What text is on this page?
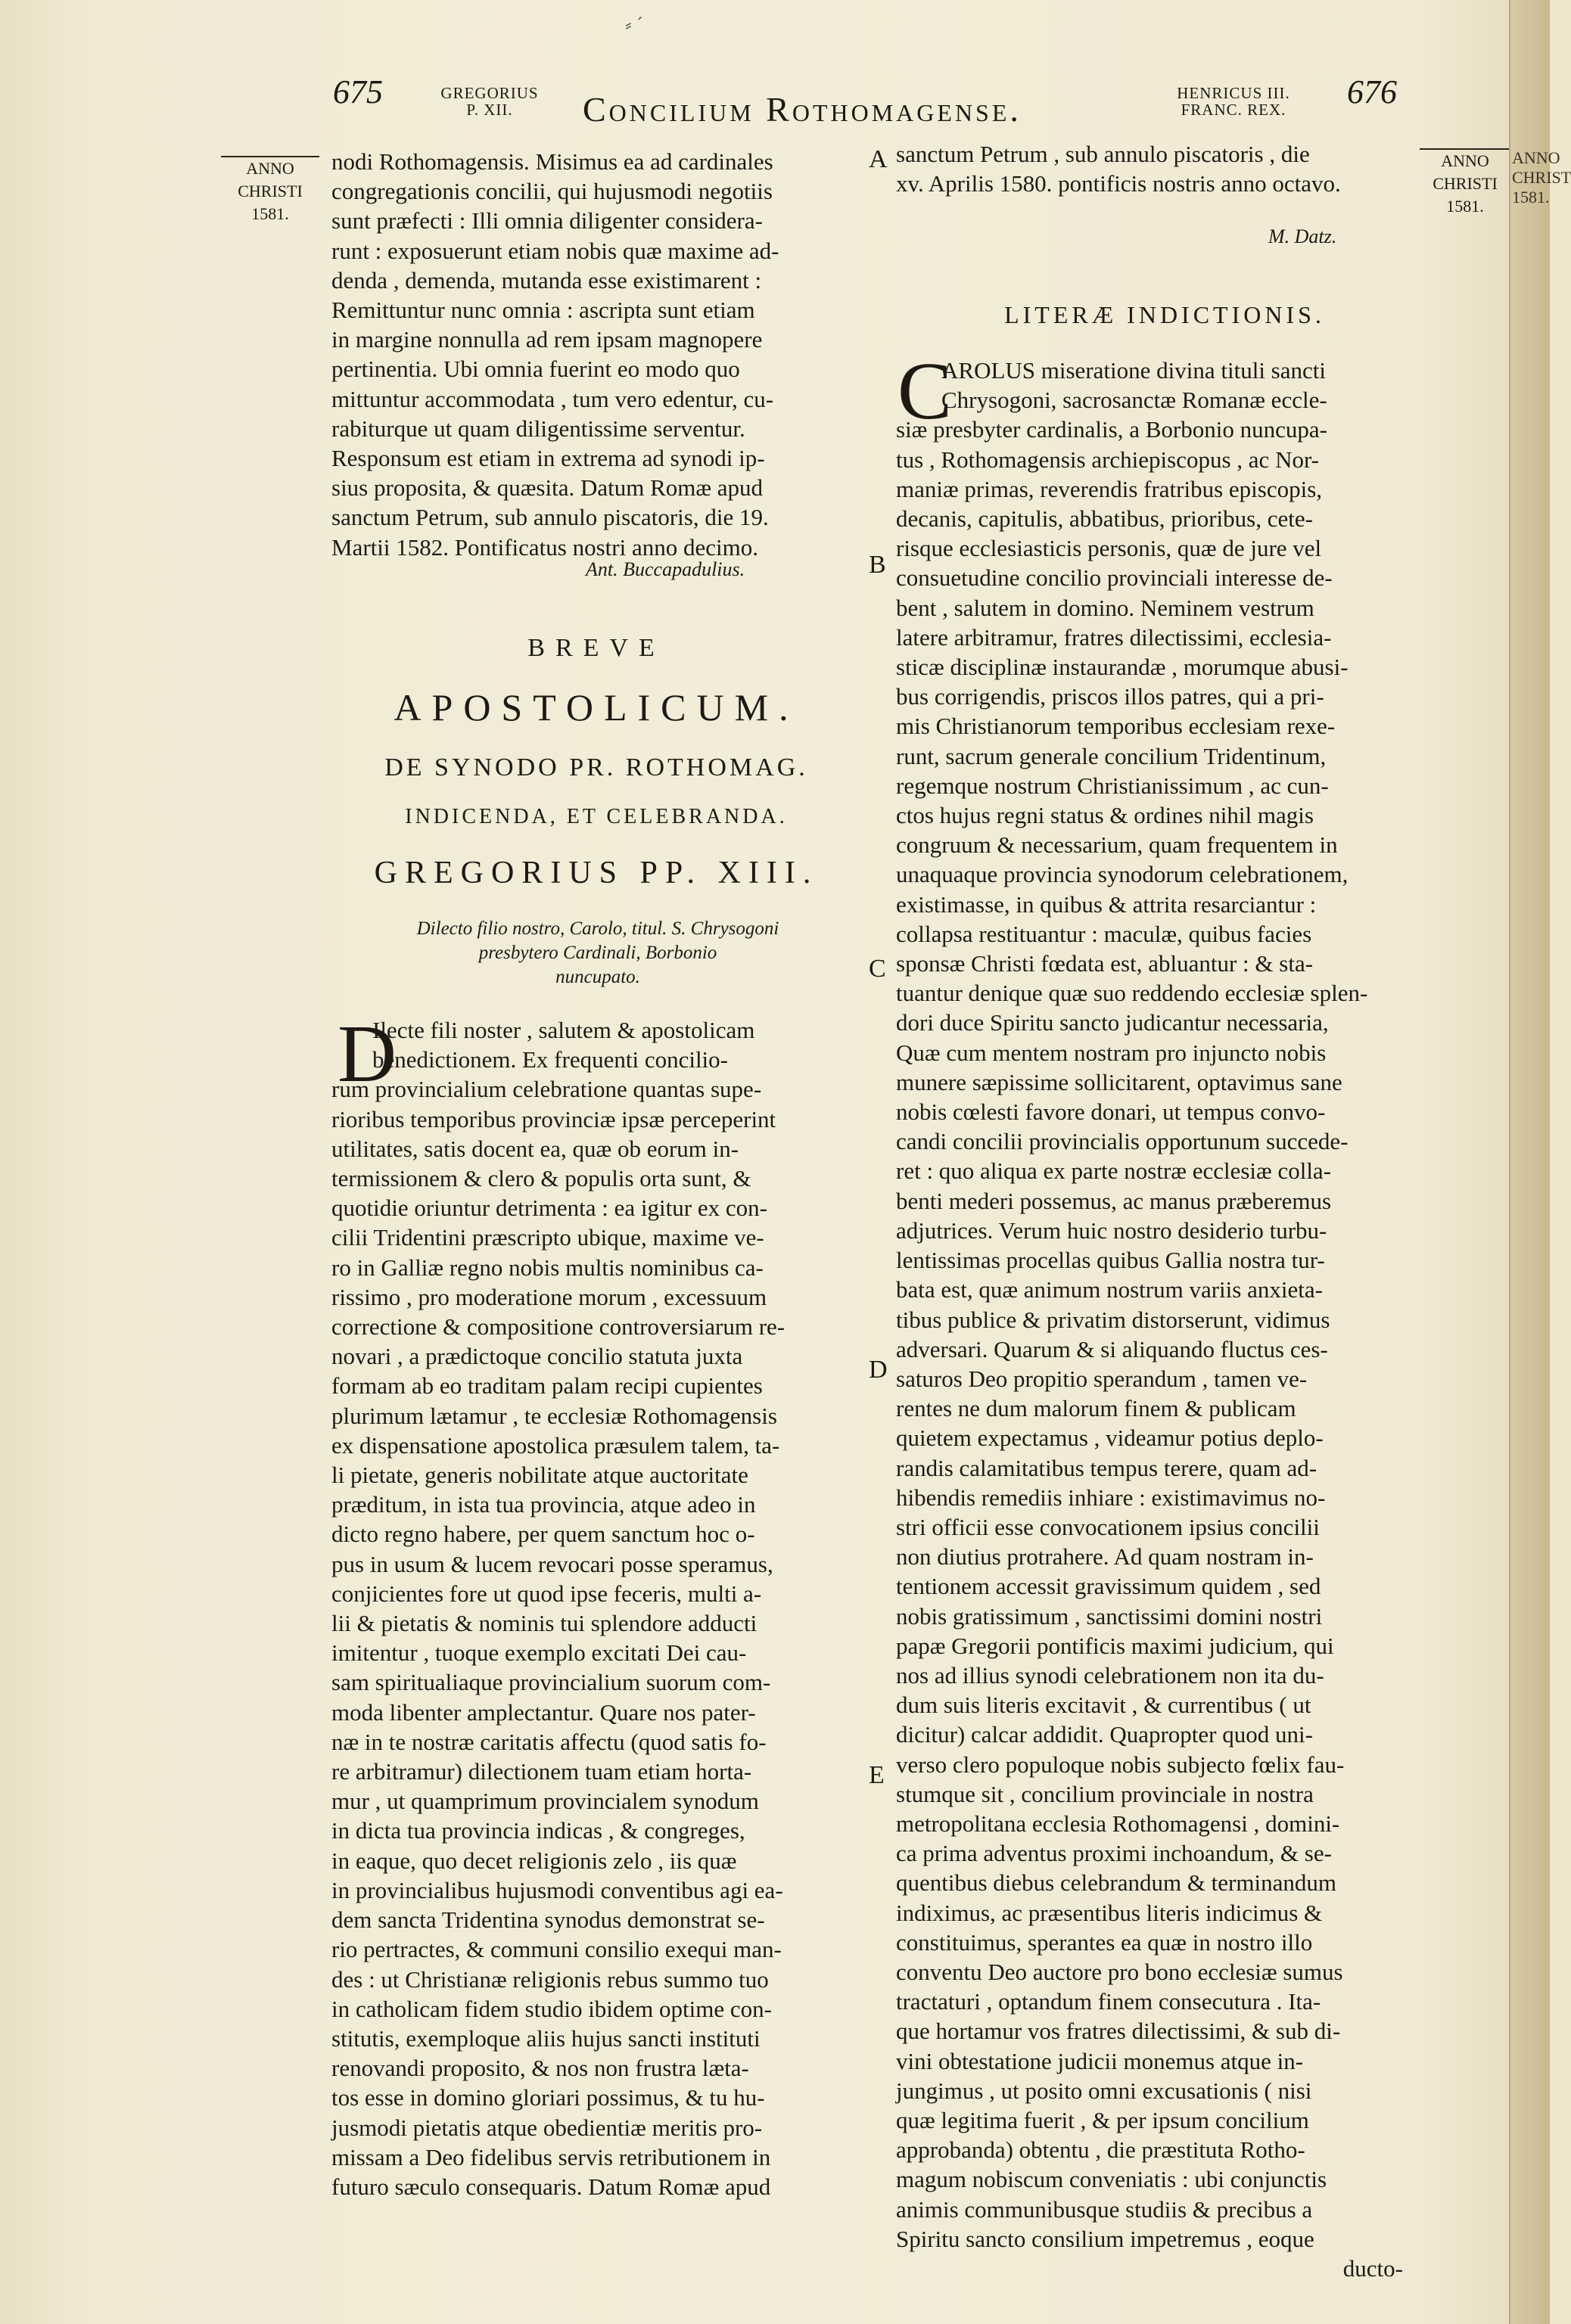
⸗ ˊ
675	GREGORIUS
P. XII.	Concilium Rothomagense.	HENRICUS III.
FRANC. REX.	676
ANNO
CHRISTI
1581.
ANNO
CHRISTI
1581.
A
B
C
D
E

nodi Rothomagensis. Misimus ea ad cardinales

congregationis concilii, qui hujusmodi negotiis

sunt præfecti : Illi omnia diligenter considera-

runt : exposuerunt etiam nobis quæ maxime ad-

denda , demenda, mutanda esse existimarent :

Remittuntur nunc omnia : ascripta sunt etiam

in margine nonnulla ad rem ipsam magnopere

pertinentia. Ubi omnia fuerint eo modo quo

mittuntur accommodata , tum vero edentur, cu-

rabiturque ut quam diligentissime serventur.

Responsum est etiam in extrema ad synodi ip-

sius proposita, & quæsita. Datum Romæ apud

sanctum Petrum, sub annulo piscatoris, die 19.

Martii 1582. Pontificatus nostri anno decimo.

Ant. Buccapadulius.
BREVE
APOSTOLICUM.
DE SYNODO PR. ROTHOMAG.
INDICENDA, ET CELEBRANDA.
GREGORIUS PP. XIII.
Dilecto filio nostro, Carolo, titul. S. Chrysogoni
presbytero Cardinali, Borbonio
nuncupato.
D

Ilecte fili noster , salutem & apostolicam

benedictionem. Ex frequenti concilio-

rum provincialium celebratione quantas supe-

rioribus temporibus provinciæ ipsæ perceperint

utilitates, satis docent ea, quæ ob eorum in-

termissionem & clero & populis orta sunt, &

quotidie oriuntur detrimenta : ea igitur ex con-

cilii Tridentini præscripto ubique, maxime ve-

ro in Galliæ regno nobis multis nominibus ca-

rissimo , pro moderatione morum , excessuum

correctione & compositione controversiarum re-

novari , a prædictoque concilio statuta juxta

formam ab eo traditam palam recipi cupientes

plurimum lætamur , te ecclesiæ Rothomagensis

ex dispensatione apostolica præsulem talem, ta-

li pietate, generis nobilitate atque auctoritate

præditum, in ista tua provincia, atque adeo in

dicto regno habere, per quem sanctum hoc o-

pus in usum & lucem revocari posse speramus,

conjicientes fore ut quod ipse feceris, multi a-

lii & pietatis & nominis tui splendore adducti

imitentur , tuoque exemplo excitati Dei cau-

sam spiritualiaque provincialium suorum com-

moda libenter amplectantur. Quare nos pater-

næ in te nostræ caritatis affectu (quod satis fo-

re arbitramur) dilectionem tuam etiam horta-

mur , ut quamprimum provincialem synodum

in dicta tua provincia indicas , & congreges,

in eaque, quo decet religionis zelo , iis quæ

in provincialibus hujusmodi conventibus agi ea-

dem sancta Tridentina synodus demonstrat se-

rio pertractes, & communi consilio exequi man-

des : ut Christianæ religionis rebus summo tuo

in catholicam fidem studio ibidem optime con-

stitutis, exemploque aliis hujus sancti instituti

renovandi proposito, & nos non frustra læta-

tos esse in domino gloriari possimus, & tu hu-

jusmodi pietatis atque obedientiæ meritis pro-

missam a Deo fidelibus servis retributionem in

futuro sæculo consequaris. Datum Romæ apud

sanctum Petrum , sub annulo piscatoris , die

xv. Aprilis 1580. pontificis nostris anno octavo.

M. Datz.
LITERÆ INDICTIONIS.
C

AROLUS miseratione divina tituli sancti

Chrysogoni, sacrosanctæ Romanæ eccle-

siæ presbyter cardinalis, a Borbonio nuncupa-

tus , Rothomagensis archiepiscopus , ac Nor-

maniæ primas, reverendis fratribus episcopis,

decanis, capitulis, abbatibus, prioribus, cete-

risque ecclesiasticis personis, quæ de jure vel

consuetudine concilio provinciali interesse de-

bent , salutem in domino. Neminem vestrum

latere arbitramur, fratres dilectissimi, ecclesia-

sticæ disciplinæ instaurandæ , morumque abusi-

bus corrigendis, priscos illos patres, qui a pri-

mis Christianorum temporibus ecclesiam rexe-

runt, sacrum generale concilium Tridentinum,

regemque nostrum Christianissimum , ac cun-

ctos hujus regni status & ordines nihil magis

congruum & necessarium, quam frequentem in

unaquaque provincia synodorum celebrationem,

existimasse, in quibus & attrita resarciantur :

collapsa restituantur : maculæ, quibus facies

sponsæ Christi fœdata est, abluantur : & sta-

tuantur denique quæ suo reddendo ecclesiæ splen-

dori duce Spiritu sancto judicantur necessaria,

Quæ cum mentem nostram pro injuncto nobis

munere sæpissime sollicitarent, optavimus sane

nobis cœlesti favore donari, ut tempus convo-

candi concilii provincialis opportunum succede-

ret : quo aliqua ex parte nostræ ecclesiæ colla-

benti mederi possemus, ac manus præberemus

adjutrices. Verum huic nostro desiderio turbu-

lentissimas procellas quibus Gallia nostra tur-

bata est, quæ animum nostrum variis anxieta-

tibus publice & privatim distorserunt, vidimus

adversari. Quarum & si aliquando fluctus ces-

saturos Deo propitio sperandum , tamen ve-

rentes ne dum malorum finem & publicam

quietem expectamus , videamur potius deplo-

randis calamitatibus tempus terere, quam ad-

hibendis remediis inhiare : existimavimus no-

stri officii esse convocationem ipsius concilii

non diutius protrahere. Ad quam nostram in-

tentionem accessit gravissimum quidem , sed

nobis gratissimum , sanctissimi domini nostri

papæ Gregorii pontificis maximi judicium, qui

nos ad illius synodi celebrationem non ita du-

dum suis literis excitavit , & currentibus ( ut

dicitur) calcar addidit. Quapropter quod uni-

verso clero populoque nobis subjecto fœlix fau-

stumque sit , concilium provinciale in nostra

metropolitana ecclesia Rothomagensi , domini-

ca prima adventus proximi inchoandum, & se-

quentibus diebus celebrandum & terminandum

indiximus, ac præsentibus literis indicimus &

constituimus, sperantes ea quæ in nostro illo

conventu Deo auctore pro bono ecclesiæ sumus

tractaturi , optandum finem consecutura . Ita-

que hortamur vos fratres dilectissimi, & sub di-

vini obtestatione judicii monemus atque in-

jungimus , ut posito omni excusationis ( nisi

quæ legitima fuerit , & per ipsum concilium

approbanda) obtentu , die præstituta Rotho-

magum nobiscum conveniatis : ubi conjunctis

animis communibusque studiis & precibus a

Spiritu sancto consilium impetremus , eoque

ducto-

ANNO
CHRIST
1581.
